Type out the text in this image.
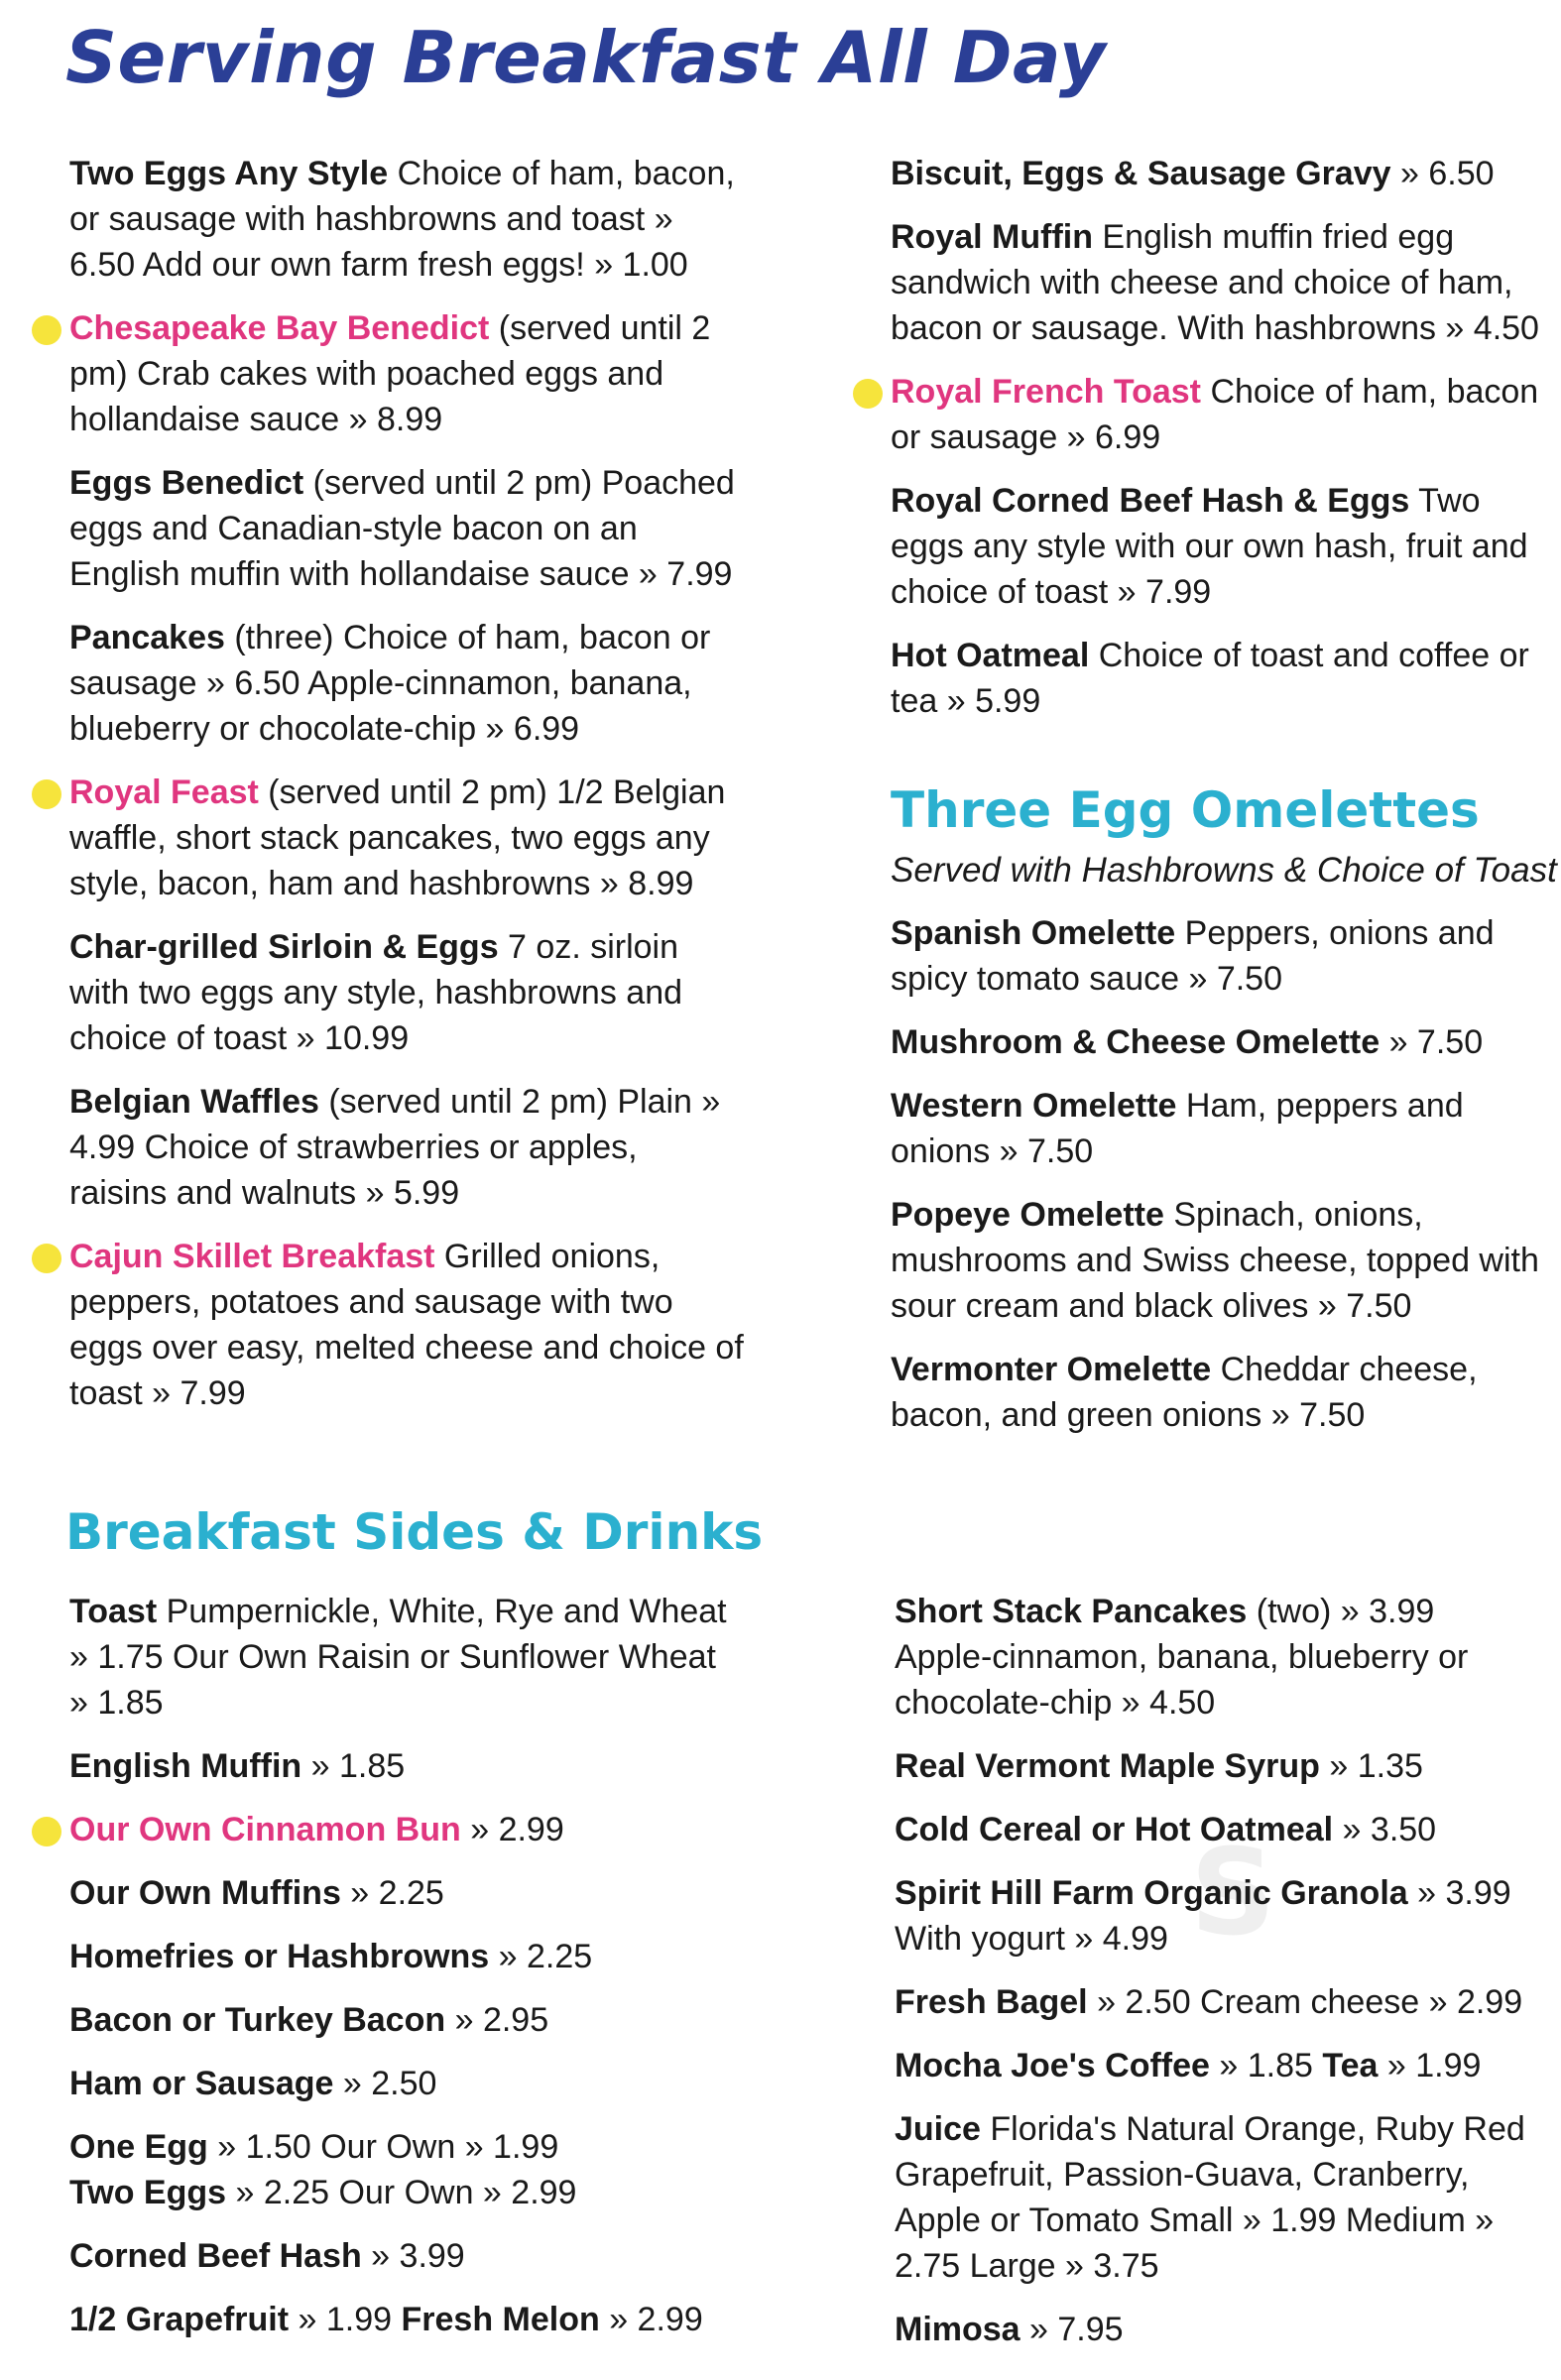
Serving Breakfast All Day

Two Eggs Any Style Choice of ham, bacon, or sausage with hashbrowns and toast » 6.50 Add our own farm fresh eggs! » 1.00

Chesapeake Bay Benedict (served until 2 pm) Crab cakes with poached eggs and hollandaise sauce » 8.99

Eggs Benedict (served until 2 pm) Poached eggs and Canadian-style bacon on an English muffin with hollandaise sauce » 7.99

Pancakes (three) Choice of ham, bacon or sausage » 6.50 Apple-cinnamon, banana, blueberry or chocolate-chip » 6.99

Royal Feast (served until 2 pm) 1/2 Belgian waffle, short stack pancakes, two eggs any style, bacon, ham and hashbrowns » 8.99

Char-grilled Sirloin & Eggs 7 oz. sirloin with two eggs any style, hashbrowns and choice of toast » 10.99

Belgian Waffles (served until 2 pm) Plain » 4.99 Choice of strawberries or apples, raisins and walnuts » 5.99

Cajun Skillet Breakfast Grilled onions, peppers, potatoes and sausage with two eggs over easy, melted cheese and choice of toast » 7.99

Biscuit, Eggs & Sausage Gravy » 6.50

Royal Muffin English muffin fried egg sandwich with cheese and choice of ham, bacon or sausage. With hashbrowns » 4.50

Royal French Toast Choice of ham, bacon or sausage » 6.99

Royal Corned Beef Hash & Eggs Two eggs any style with our own hash, fruit and choice of toast » 7.99

Hot Oatmeal Choice of toast and coffee or tea » 5.99

Three Egg Omelettes

Served with Hashbrowns & Choice of Toast

Spanish Omelette Peppers, onions and spicy tomato sauce » 7.50

Mushroom & Cheese Omelette » 7.50

Western Omelette Ham, peppers and onions » 7.50

Popeye Omelette Spinach, onions, mushrooms and Swiss cheese, topped with sour cream and black olives » 7.50

Vermonter Omelette Cheddar cheese, bacon, and green onions » 7.50

Breakfast Sides & Drinks

Toast Pumpernickle, White, Rye and Wheat » 1.75 Our Own Raisin or Sunflower Wheat » 1.85

English Muffin » 1.85

Our Own Cinnamon Bun » 2.99

Our Own Muffins » 2.25

Homefries or Hashbrowns » 2.25

Bacon or Turkey Bacon » 2.95

Ham or Sausage » 2.50

One Egg » 1.50 Our Own » 1.99
Two Eggs » 2.25 Our Own » 2.99

Corned Beef Hash » 3.99

1/2 Grapefruit » 1.99 Fresh Melon » 2.99

S

Short Stack Pancakes (two) » 3.99 Apple-cinnamon, banana, blueberry or chocolate-chip » 4.50

Real Vermont Maple Syrup » 1.35

Cold Cereal or Hot Oatmeal » 3.50

Spirit Hill Farm Organic Granola » 3.99 With yogurt » 4.99

Fresh Bagel » 2.50 Cream cheese » 2.99

Mocha Joe's Coffee » 1.85 Tea » 1.99

Juice Florida's Natural Orange, Ruby Red Grapefruit, Passion-Guava, Cranberry, Apple or Tomato Small » 1.99 Medium » 2.75 Large » 3.75

Mimosa » 7.95
